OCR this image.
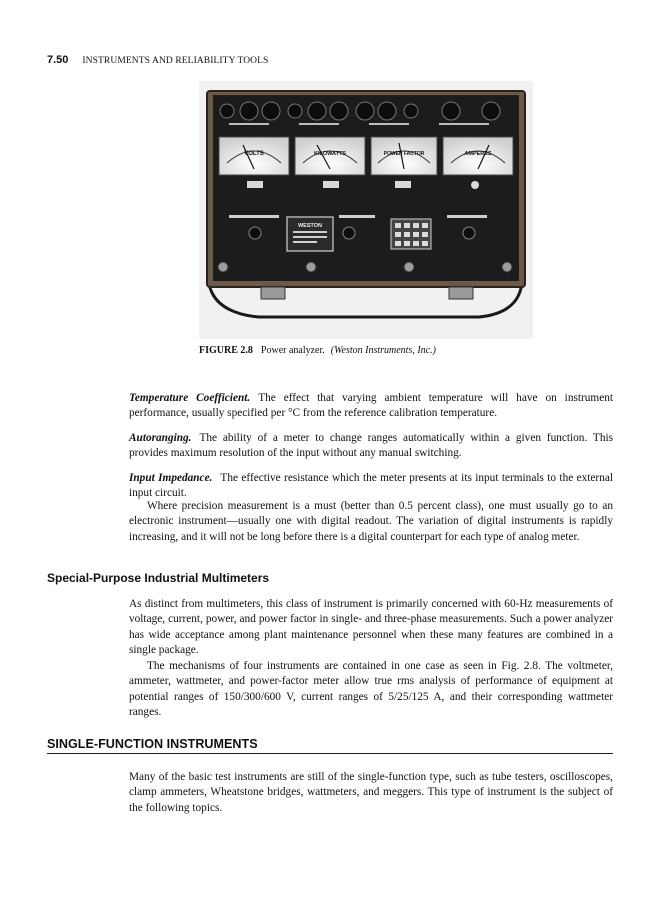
7.50 INSTRUMENTS AND RELIABILITY TOOLS
VOLTS	KILOWATTS	POWER FACTOR	AMPERES
WESTON
FIGURE 2.8 Power analyzer. (Weston Instruments, Inc.)

Temperature Coefficient. The effect that varying ambient temperature will have on instrument performance, usually specified per °C from the reference calibration temperature.

Autoranging. The ability of a meter to change ranges automatically within a given function. This provides maximum resolution of the input without any manual switching.

Input Impedance. The effective resistance which the meter presents at its input terminals to the external input circuit.

Where precision measurement is a must (better than 0.5 percent class), one must usually go to an electronic instrument—usually one with digital readout. The variation of digital instruments is rapidly increasing, and it will not be long before there is a digital counterpart for each type of analog meter.

Special-Purpose Industrial Multimeters

As distinct from multimeters, this class of instrument is primarily concerned with 60-Hz measurements of voltage, current, power, and power factor in single- and three-phase measurements. Such a power analyzer has wide acceptance among plant maintenance personnel when these many features are combined in a single package.

The mechanisms of four instruments are contained in one case as seen in Fig. 2.8. The voltmeter, ammeter, wattmeter, and power-factor meter allow true rms analysis of performance of equipment at potential ranges of 150/300/600 V, current ranges of 5/25/125 A, and their corresponding wattmeter ranges.

SINGLE-FUNCTION INSTRUMENTS

Many of the basic test instruments are still of the single-function type, such as tube testers, oscilloscopes, clamp ammeters, Wheatstone bridges, wattmeters, and meggers. This type of instrument is the subject of the following topics.
